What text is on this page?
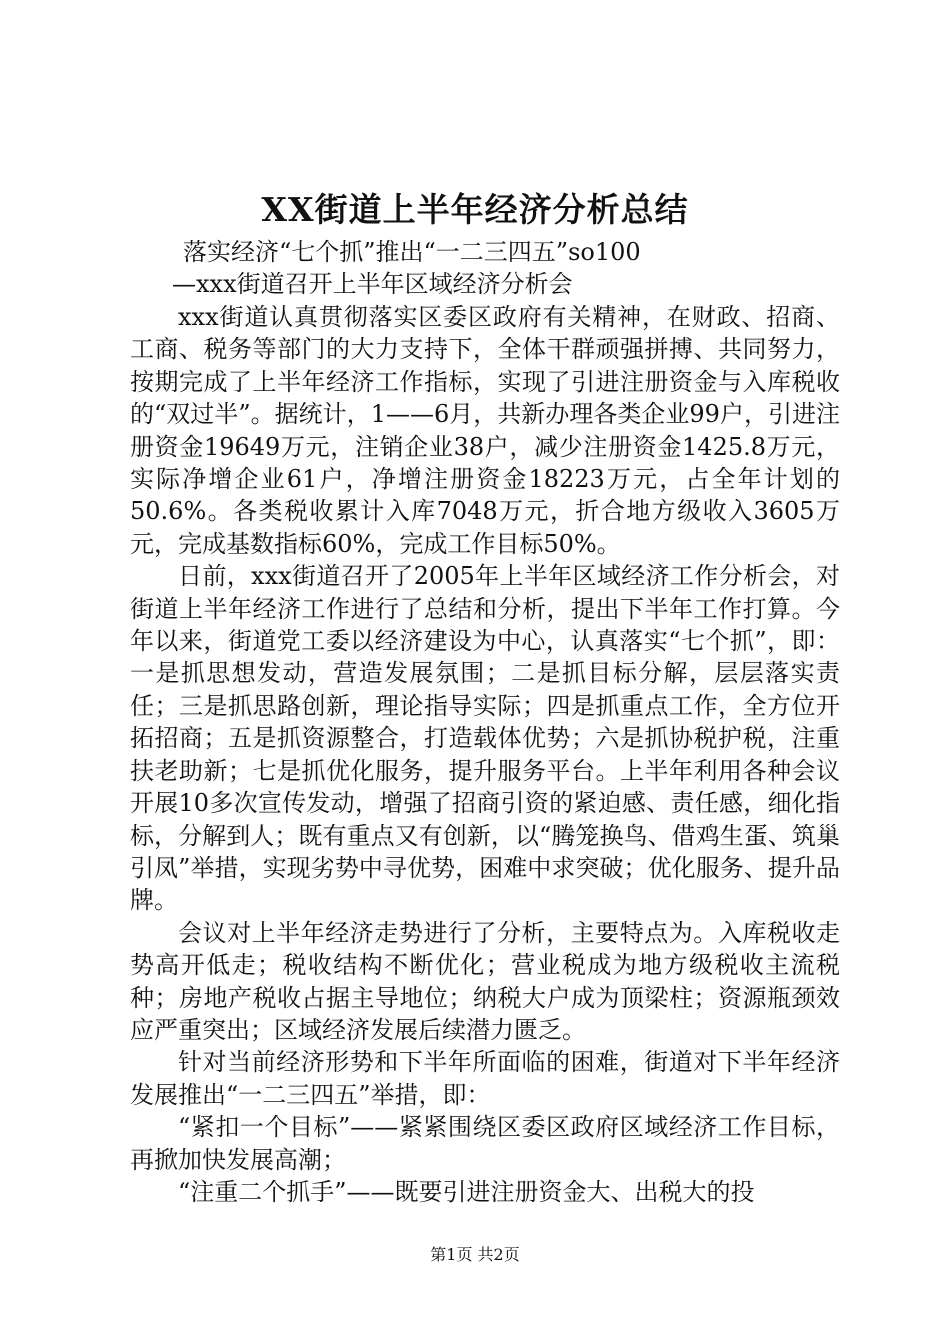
XX街道上半年经济分析总结
落实经济“七个抓”推出“一二三四五”so100
—xxx街道召开上半年区域经济分析会

xxx街道认真贯彻落实区委区政府有关精神，在财政、招商、工商、税务等部门的大力支持下，全体干群顽强拼搏、共同努力，按期完成了上半年经济工作指标，实现了引进注册资金与入库税收的“双过半”。据统计，1——6月，共新办理各类企业99户，引进注册资金19649万元，注销企业38户，减少注册资金1425.8万元，实际净增企业61户，净增注册资金18223万元，占全年计划的50.6%。各类税收累计入库7048万元，折合地方级收入3605万元，完成基数指标60%，完成工作目标50%。

日前，xxx街道召开了2005年上半年区域经济工作分析会，对街道上半年经济工作进行了总结和分析，提出下半年工作打算。今年以来，街道党工委以经济建设为中心，认真落实“七个抓”，即：一是抓思想发动，营造发展氛围；二是抓目标分解，层层落实责任；三是抓思路创新，理论指导实际；四是抓重点工作，全方位开拓招商；五是抓资源整合，打造载体优势；六是抓协税护税，注重扶老助新；七是抓优化服务，提升服务平台。上半年利用各种会议开展10多次宣传发动，增强了招商引资的紧迫感、责任感，细化指标，分解到人；既有重点又有创新，以“腾笼换鸟、借鸡生蛋、筑巢引凤”举措，实现劣势中寻优势，困难中求突破；优化服务、提升品牌。

会议对上半年经济走势进行了分析，主要特点为。入库税收走势高开低走；税收结构不断优化；营业税成为地方级税收主流税种；房地产税收占据主导地位；纳税大户成为顶梁柱；资源瓶颈效应严重突出；区域经济发展后续潜力匮乏。

针对当前经济形势和下半年所面临的困难，街道对下半年经济发展推出“一二三四五”举措，即：

“紧扣一个目标”——紧紧围绕区委区政府区域经济工作目标，再掀加快发展高潮；

“注重二个抓手”——既要引进注册资金大、出税大的投

第1页 共2页
